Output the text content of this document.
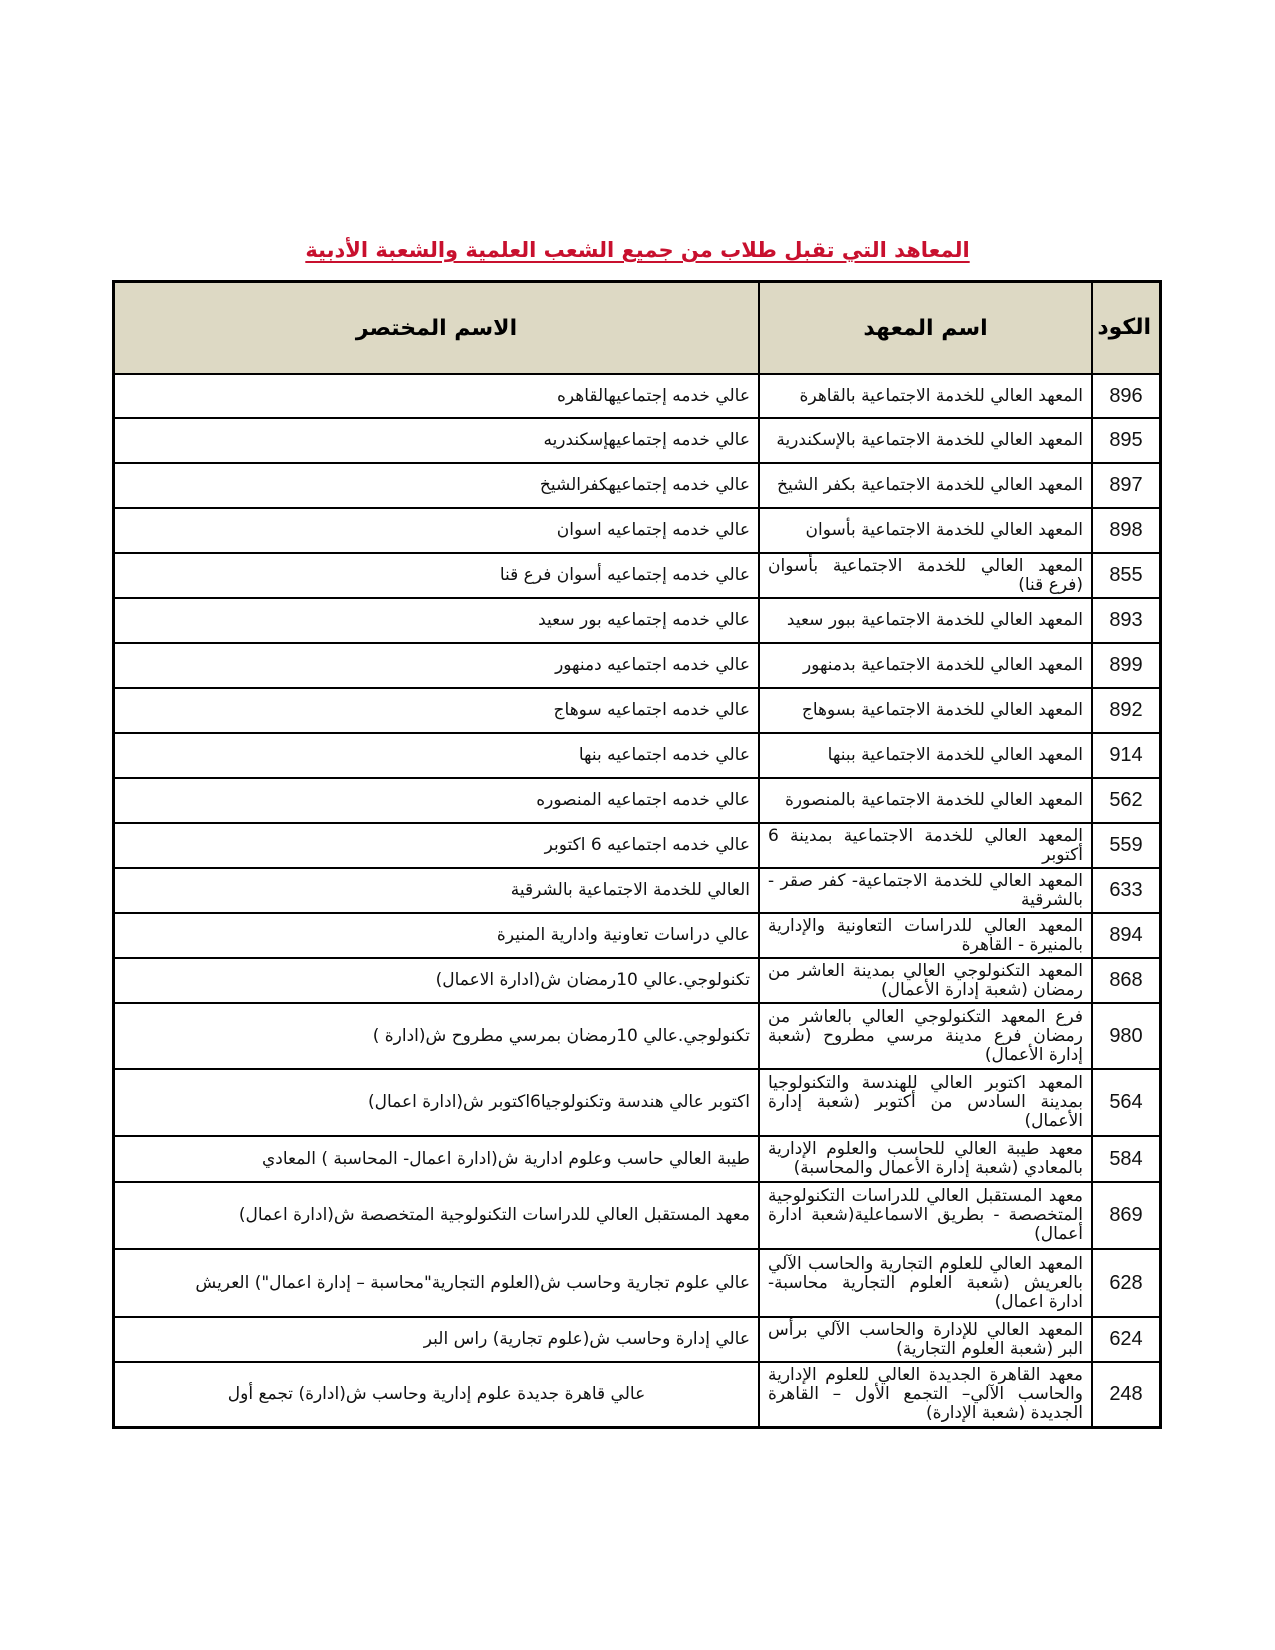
المعاهد التي تقبل طلاب من جميع الشعب العلمية والشعبة الأدبية
الكود	اسم المعهد	الاسم المختصر
896	المعهد العالي للخدمة الاجتماعية بالقاهرة	عالي خدمه إجتماعيهالقاهره
895	المعهد العالي للخدمة الاجتماعية بالإسكندرية	عالي خدمه إجتماعيهإسكندريه
897	المعهد العالي للخدمة الاجتماعية بكفر الشيخ	عالي خدمه إجتماعيهكفرالشيخ
898	المعهد العالي للخدمة الاجتماعية بأسوان	عالي خدمه إجتماعيه اسوان
855	المعهد العالي للخدمة الاجتماعية بأسوان (فرع قنا)	عالي خدمه إجتماعيه أسوان فرع قنا
893	المعهد العالي للخدمة الاجتماعية ببور سعيد	عالي خدمه إجتماعيه بور سعيد
899	المعهد العالي للخدمة الاجتماعية بدمنهور	عالي خدمه اجتماعيه دمنهور
892	المعهد العالي للخدمة الاجتماعية بسوهاج	عالي خدمه اجتماعيه سوهاج
914	المعهد العالي للخدمة الاجتماعية ببنها	عالي خدمه اجتماعيه بنها
562	المعهد العالي للخدمة الاجتماعية بالمنصورة	عالي خدمه اجتماعيه المنصوره
559	المعهد العالي للخدمة الاجتماعية بمدينة 6 أكتوبر	عالي خدمه اجتماعيه 6 اكتوبر
633	المعهد العالي للخدمة الاجتماعية- كفر صقر - بالشرقية	العالي للخدمة الاجتماعية بالشرقية
894	المعهد العالي للدراسات التعاونية والإدارية بالمنيرة - القاهرة	عالي دراسات تعاونية وادارية المنيرة
868	المعهد التكنولوجي العالي بمدينة العاشر من رمضان (شعبة إدارة الأعمال)	تكنولوجي.عالي 10رمضان ش(ادارة الاعمال)
980	فرع المعهد التكنولوجي العالي بالعاشر من رمضان فرع مدينة مرسي مطروح (شعبة إدارة الأعمال)	تكنولوجي.عالي 10رمضان بمرسي مطروح ش(ادارة )
564	المعهد اكتوبر العالي للهندسة والتكنولوجيا بمدينة السادس من أكتوبر (شعبة إدارة الأعمال)	اكتوبر عالي هندسة وتكنولوجيا6اكتوبر ش(ادارة اعمال)
584	معهد طيبة العالي للحاسب والعلوم الإدارية بالمعادي (شعبة إدارة الأعمال والمحاسبة)	طيبة العالي حاسب وعلوم ادارية ش(ادارة اعمال- المحاسبة ) المعادي
869	معهد المستقبل العالي للدراسات التكنولوجية المتخصصة - بطريق الاسماعلية(شعبة ادارة أعمال)	معهد المستقبل العالي للدراسات التكنولوجية المتخصصة ش(ادارة اعمال)
628	المعهد العالي للعلوم التجارية والحاسب الآلي بالعريش (شعبة العلوم التجارية محاسبة- ادارة اعمال)	عالي علوم تجارية وحاسب ش(العلوم التجارية"محاسبة – إدارة اعمال") العريش
624	المعهد العالي للإدارة والحاسب الآلي برأس البر (شعبة العلوم التجارية)	عالي إدارة وحاسب ش(علوم تجارية) راس البر
248	معهد القاهرة الجديدة العالي للعلوم الإدارية والحاسب الآلي– التجمع الأول – القاهرة الجديدة (شعبة الإدارة)	عالي قاهرة جديدة علوم إدارية وحاسب ش(ادارة) تجمع أول
